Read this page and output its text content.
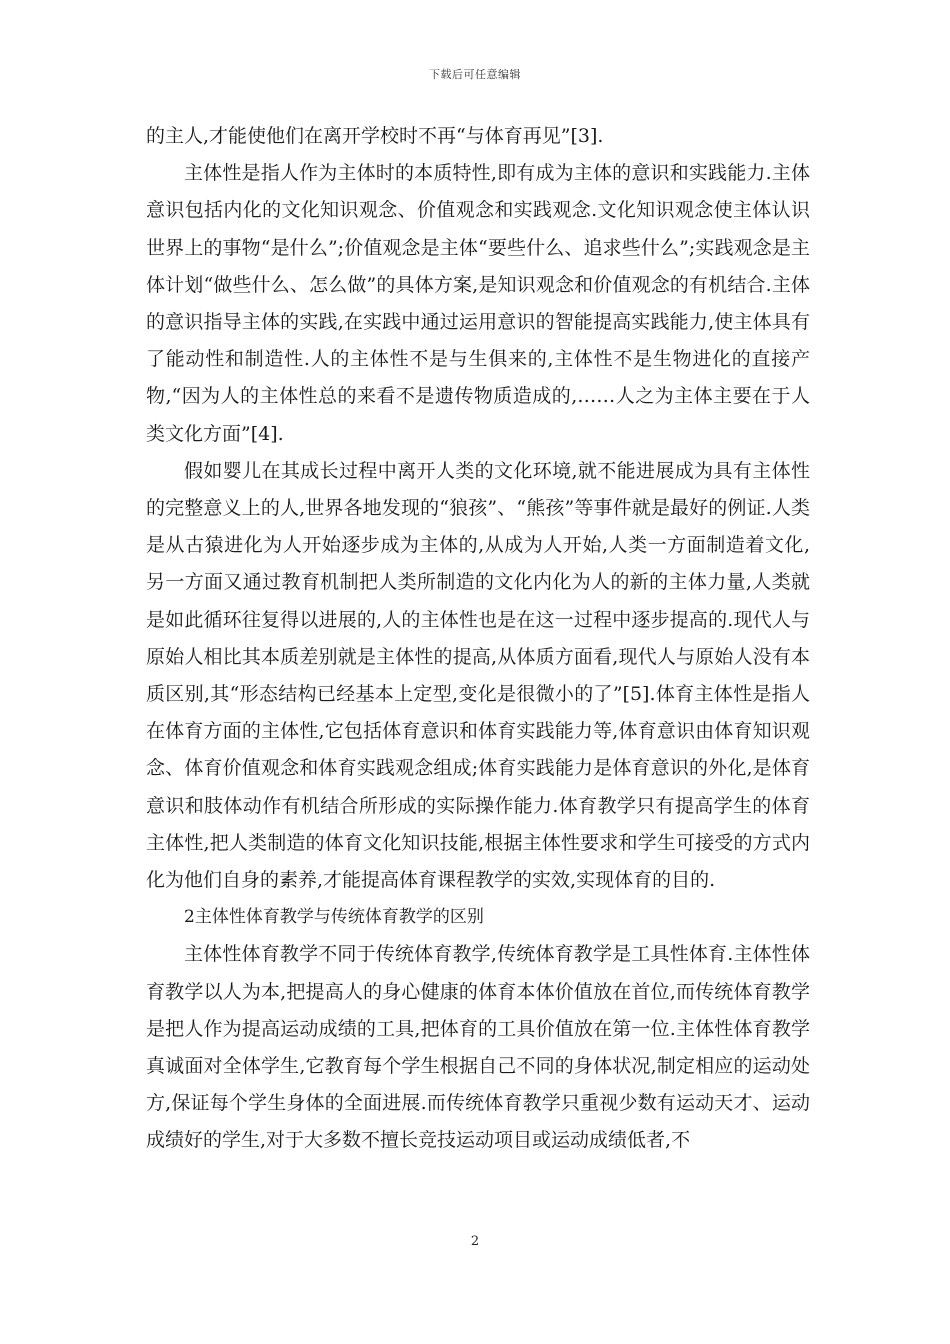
下载后可任意编辑

的主人,才能使他们在离开学校时不再“与体育再见”[3].

主体性是指人作为主体时的本质特性,即有成为主体的意识和实践能力.主体意识包括内化的文化知识观念、价值观念和实践观念.文化知识观念使主体认识世界上的事物“是什么”;价值观念是主体“要些什么、追求些什么”;实践观念是主体计划“做些什么、怎么做”的具体方案,是知识观念和价值观念的有机结合.主体的意识指导主体的实践,在实践中通过运用意识的智能提高实践能力,使主体具有了能动性和制造性.人的主体性不是与生俱来的,主体性不是生物进化的直接产物,“因为人的主体性总的来看不是遗传物质造成的,……人之为主体主要在于人类文化方面”[4].

假如婴儿在其成长过程中离开人类的文化环境,就不能进展成为具有主体性的完整意义上的人,世界各地发现的“狼孩”、“熊孩”等事件就是最好的例证.人类是从古猿进化为人开始逐步成为主体的,从成为人开始,人类一方面制造着文化,另一方面又通过教育机制把人类所制造的文化内化为人的新的主体力量,人类就是如此循环往复得以进展的,人的主体性也是在这一过程中逐步提高的.现代人与原始人相比其本质差别就是主体性的提高,从体质方面看,现代人与原始人没有本质区别,其“形态结构已经基本上定型,变化是很微小的了”[5].体育主体性是指人在体育方面的主体性,它包括体育意识和体育实践能力等,体育意识由体育知识观念、体育价值观念和体育实践观念组成;体育实践能力是体育意识的外化,是体育意识和肢体动作有机结合所形成的实际操作能力.体育教学只有提高学生的体育主体性,把人类制造的体育文化知识技能,根据主体性要求和学生可接受的方式内化为他们自身的素养,才能提高体育课程教学的实效,实现体育的目的.

2主体性体育教学与传统体育教学的区别

主体性体育教学不同于传统体育教学,传统体育教学是工具性体育.主体性体育教学以人为本,把提高人的身心健康的体育本体价值放在首位,而传统体育教学是把人作为提高运动成绩的工具,把体育的工具价值放在第一位.主体性体育教学真诚面对全体学生,它教育每个学生根据自己不同的身体状况,制定相应的运动处方,保证每个学生身体的全面进展.而传统体育教学只重视少数有运动天才、运动成绩好的学生,对于大多数不擅长竞技运动项目或运动成绩低者,不

2
